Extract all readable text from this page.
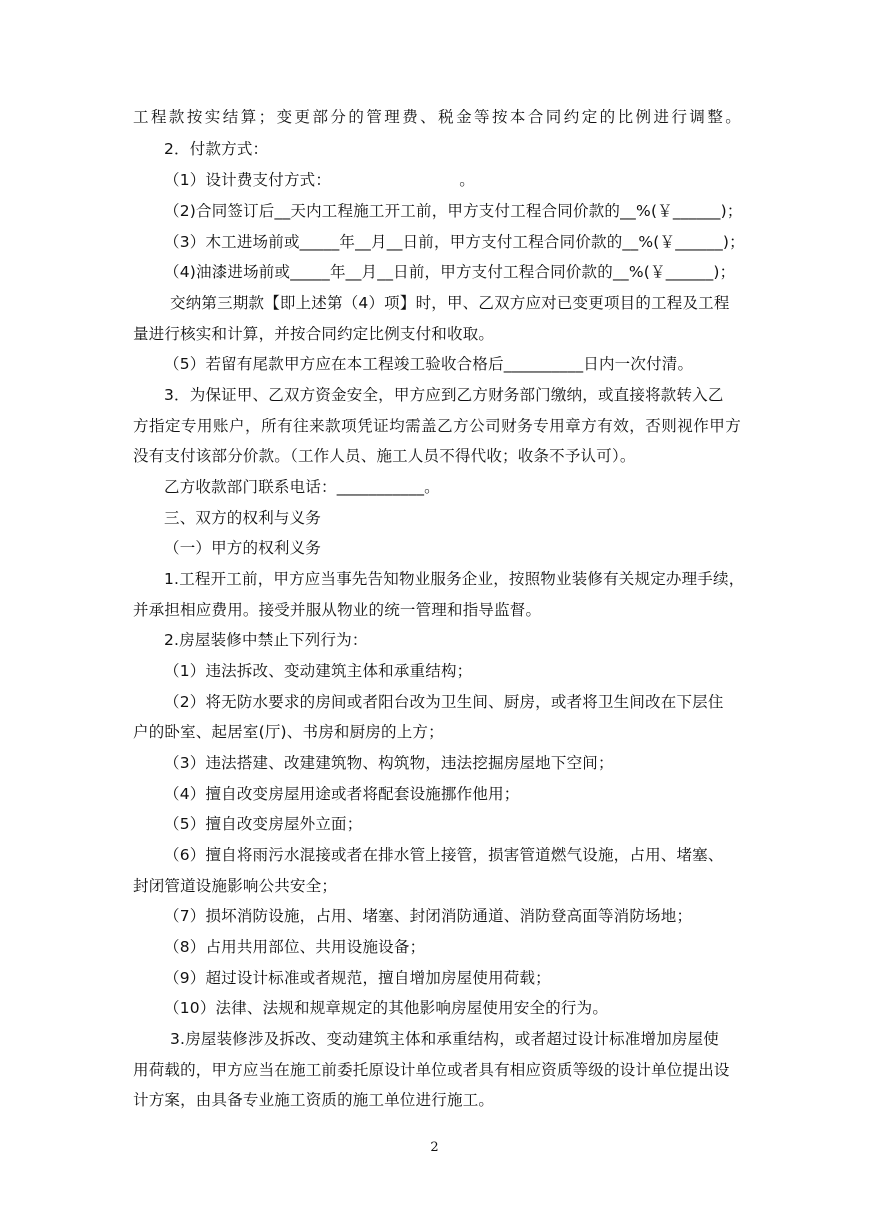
工程款按实结算；变更部分的管理费、税金等按本合同约定的比例进行调整。
2．付款方式：
（1）设计费支付方式：                         。
（2)合同签订后__天内工程施工开工前，甲方支付工程合同价款的__%(￥______)；
（3）木工进场前或_____年__月__日前，甲方支付工程合同价款的__%(￥______)；
（4)油漆进场前或_____年__月__日前，甲方支付工程合同价款的__%(￥______)；
交纳第三期款【即上述第（4）项】时，甲、乙双方应对已变更项目的工程及工程
量进行核实和计算，并按合同约定比例支付和收取。
（5）若留有尾款甲方应在本工程竣工验收合格后__________日内一次付清。
3．为保证甲、乙双方资金安全，甲方应到乙方财务部门缴纳，或直接将款转入乙
方指定专用账户，所有往来款项凭证均需盖乙方公司财务专用章方有效，否则视作甲方
没有支付该部分价款。（工作人员、施工人员不得代收；收条不予认可）。
乙方收款部门联系电话：___________。
三、双方的权利与义务
（一）甲方的权利义务
1.工程开工前，甲方应当事先告知物业服务企业，按照物业装修有关规定办理手续，
并承担相应费用。接受并服从物业的统一管理和指导监督。
2.房屋装修中禁止下列行为：
（1）违法拆改、变动建筑主体和承重结构；
（2）将无防水要求的房间或者阳台改为卫生间、厨房，或者将卫生间改在下层住
户的卧室、起居室(厅)、书房和厨房的上方；
（3）违法搭建、改建建筑物、构筑物，违法挖掘房屋地下空间；
（4）擅自改变房屋用途或者将配套设施挪作他用；
（5）擅自改变房屋外立面；
（6）擅自将雨污水混接或者在排水管上接管，损害管道燃气设施，占用、堵塞、
封闭管道设施影响公共安全；
（7）损坏消防设施，占用、堵塞、封闭消防通道、消防登高面等消防场地；
（8）占用共用部位、共用设施设备；
（9）超过设计标准或者规范，擅自增加房屋使用荷载；
（10）法律、法规和规章规定的其他影响房屋使用安全的行为。
3.房屋装修涉及拆改、变动建筑主体和承重结构，或者超过设计标准增加房屋使
用荷载的，甲方应当在施工前委托原设计单位或者具有相应资质等级的设计单位提出设
计方案，由具备专业施工资质的施工单位进行施工。
2
